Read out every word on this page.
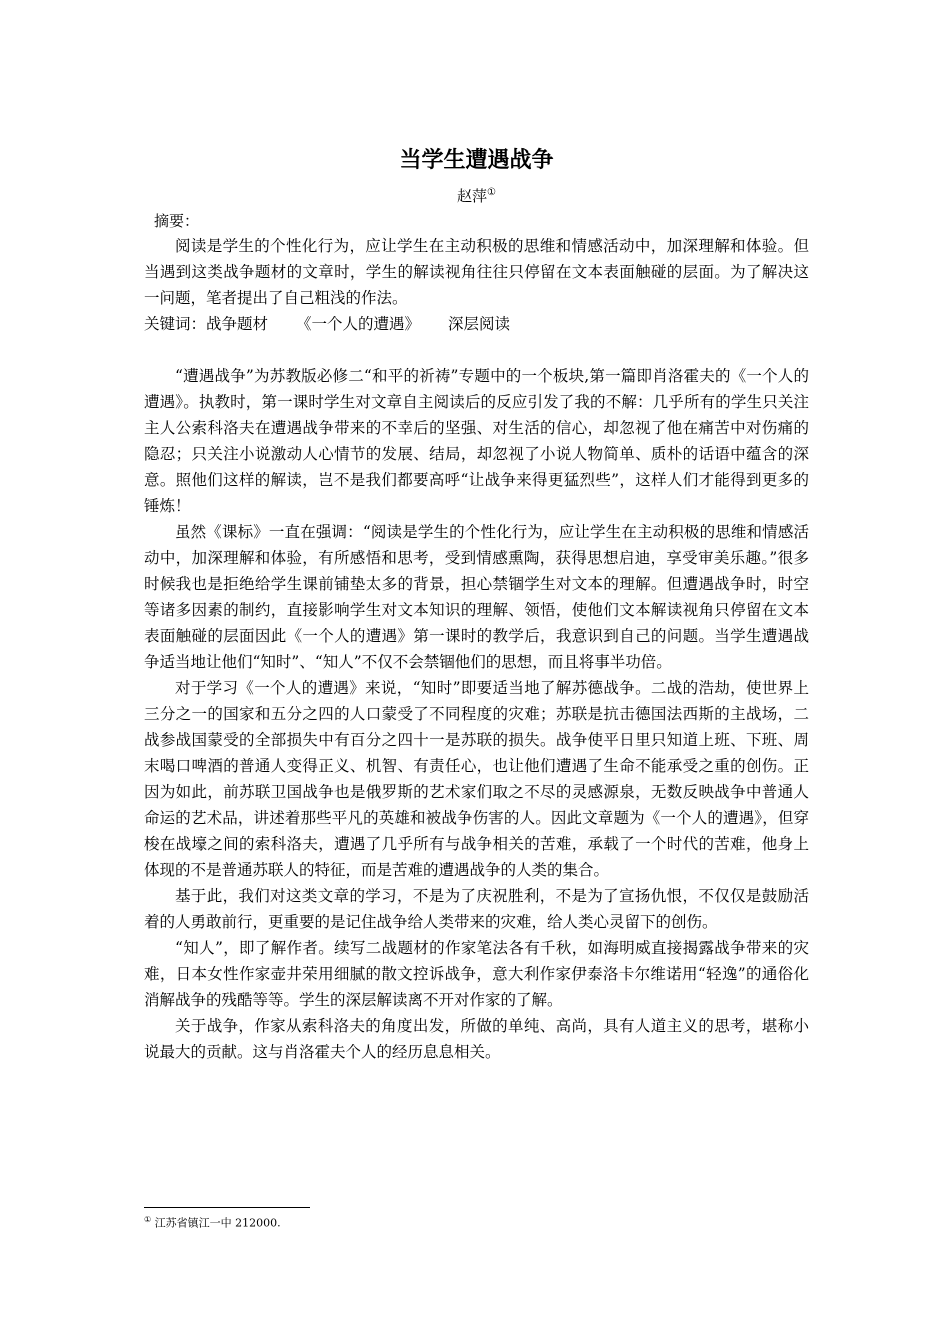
当学生遭遇战争
赵萍①
摘要：

阅读是学生的个性化行为，应让学生在主动积极的思维和情感活动中，加深理解和体验。但当遇到这类战争题材的文章时，学生的解读视角往往只停留在文本表面触碰的层面。为了解决这一问题，笔者提出了自己粗浅的作法。

关键词：战争题材 《一个人的遭遇》 深层阅读

“遭遇战争”为苏教版必修二“和平的祈祷”专题中的一个板块,第一篇即肖洛霍夫的《一个人的遭遇》。执教时，第一课时学生对文章自主阅读后的反应引发了我的不解：几乎所有的学生只关注主人公索科洛夫在遭遇战争带来的不幸后的坚强、对生活的信心，却忽视了他在痛苦中对伤痛的隐忍；只关注小说激动人心情节的发展、结局，却忽视了小说人物简单、质朴的话语中蕴含的深意。照他们这样的解读，岂不是我们都要高呼“让战争来得更猛烈些”，这样人们才能得到更多的锤炼！

虽然《课标》一直在强调：“阅读是学生的个性化行为，应让学生在主动积极的思维和情感活动中，加深理解和体验，有所感悟和思考，受到情感熏陶，获得思想启迪，享受审美乐趣。”很多时候我也是拒绝给学生课前铺垫太多的背景，担心禁锢学生对文本的理解。但遭遇战争时，时空等诸多因素的制约，直接影响学生对文本知识的理解、领悟，使他们文本解读视角只停留在文本表面触碰的层面因此《一个人的遭遇》第一课时的教学后，我意识到自己的问题。当学生遭遇战争适当地让他们“知时”、“知人”不仅不会禁锢他们的思想，而且将事半功倍。

对于学习《一个人的遭遇》来说，“知时”即要适当地了解苏德战争。二战的浩劫，使世界上三分之一的国家和五分之四的人口蒙受了不同程度的灾难；苏联是抗击德国法西斯的主战场，二战参战国蒙受的全部损失中有百分之四十一是苏联的损失。战争使平日里只知道上班、下班、周末喝口啤酒的普通人变得正义、机智、有责任心，也让他们遭遇了生命不能承受之重的创伤。正因为如此，前苏联卫国战争也是俄罗斯的艺术家们取之不尽的灵感源泉，无数反映战争中普通人命运的艺术品，讲述着那些平凡的英雄和被战争伤害的人。因此文章题为《一个人的遭遇》，但穿梭在战壕之间的索科洛夫，遭遇了几乎所有与战争相关的苦难，承载了一个时代的苦难，他身上体现的不是普通苏联人的特征，而是苦难的遭遇战争的人类的集合。

基于此，我们对这类文章的学习，不是为了庆祝胜利，不是为了宣扬仇恨，不仅仅是鼓励活着的人勇敢前行，更重要的是记住战争给人类带来的灾难，给人类心灵留下的创伤。

“知人”，即了解作者。续写二战题材的作家笔法各有千秋，如海明威直接揭露战争带来的灾难，日本女性作家壶井荣用细腻的散文控诉战争，意大利作家伊泰洛卡尔维诺用“轻逸”的通俗化消解战争的残酷等等。学生的深层解读离不开对作家的了解。

关于战争，作家从索科洛夫的角度出发，所做的单纯、高尚，具有人道主义的思考，堪称小说最大的贡献。这与肖洛霍夫个人的经历息息相关。

① 江苏省镇江一中 212000.
